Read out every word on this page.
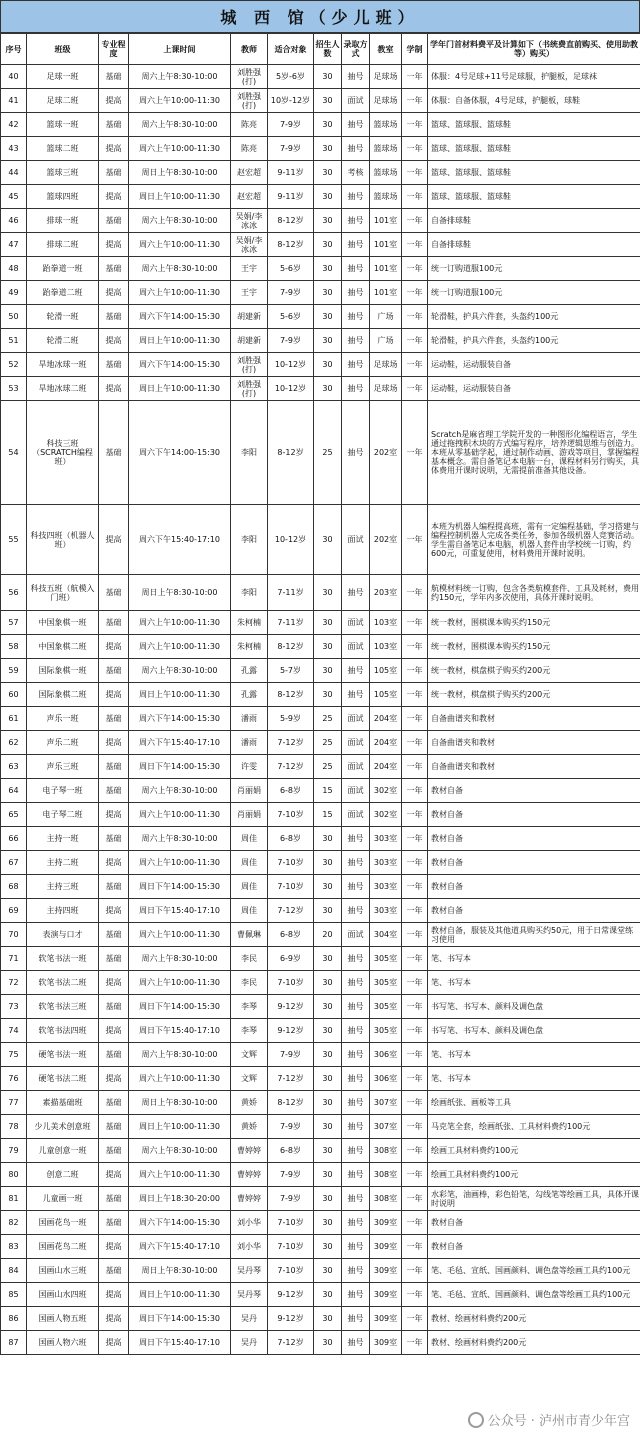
城 西 馆（少儿班）
序号	班级	专业程度	上课时间	教师	适合对象	招生人数	录取方式	教室	学制	学年门首材料费平及计算如下（书统费直前购买、使用助教等）购买）
40	足球一班	基础	周六上午8:30-10:00	刘胜强(打)	5岁-6岁	30	抽号	足球场	一年	体服：4号足球+11号足球服，护腿板，足球袜
41	足球二班	提高	周六上午10:00-11:30	刘胜强(打)	10岁-12岁	30	面试	足球场	一年	体服：自备体服，4号足球，护腿板，球鞋
42	篮球一班	基础	周六上午8:30-10:00	陈亮	7-9岁	30	抽号	篮球场	一年	篮球、篮球服、篮球鞋
43	篮球二班	提高	周六上午10:00-11:30	陈亮	7-9岁	30	抽号	篮球场	一年	篮球、篮球服、篮球鞋
44	篮球三班	基础	周日上午8:30-10:00	赵宏超	9-11岁	30	考核	篮球场	一年	篮球、篮球服、篮球鞋
45	篮球四班	提高	周日上午10:00-11:30	赵宏超	9-11岁	30	抽号	篮球场	一年	篮球、篮球服、篮球鞋
46	排球一班	基础	周六上午8:30-10:00	吴娟/李冰冰	8-12岁	30	抽号	101室	一年	自备排球鞋
47	排球二班	提高	周六上午10:00-11:30	吴娟/李冰冰	8-12岁	30	抽号	101室	一年	自备排球鞋
48	跆拳道一班	基础	周六上午8:30-10:00	王宇	5-6岁	30	抽号	101室	一年	统一订购道服100元
49	跆拳道二班	提高	周六上午10:00-11:30	王宇	7-9岁	30	抽号	101室	一年	统一订购道服100元
50	轮滑一班	基础	周六下午14:00-15:30	胡建新	5-6岁	30	抽号	广场	一年	轮滑鞋，护具六件套，头盔约100元
51	轮滑二班	提高	周日上午10:00-11:30	胡建新	7-9岁	30	抽号	广场	一年	轮滑鞋，护具六件套，头盔约100元
52	旱地冰球一班	基础	周六下午14:00-15:30	刘胜强(打)	10-12岁	30	抽号	足球场	一年	运动鞋，运动服装自备
53	旱地冰球二班	提高	周日上午10:00-11:30	刘胜强(打)	10-12岁	30	抽号	足球场	一年	运动鞋，运动服装自备
54	科技三班（SCRATCH编程班）	基础	周六下午14:00-15:30	李阳	8-12岁	25	抽号	202室	一年	Scratch是麻省理工学院开发的一种图形化编程语言，学生通过拖拽积木块的方式编写程序，培养逻辑思维与创造力。本班从零基础学起，通过制作动画、游戏等项目，掌握编程基本概念。需自备笔记本电脑一台，课程材料另行购买，具体费用开课时说明，无需提前准备其他设备。
55	科技四班（机器人班）	提高	周六下午15:40-17:10	李阳	10-12岁	30	面试	202室	一年	本班为机器人编程提高班，需有一定编程基础，学习搭建与编程控制机器人完成各类任务，参加各级机器人竞赛活动。学生需自备笔记本电脑，机器人套件由学校统一订购，约600元，可重复使用，材料费用开课时说明。
56	科技五班（航模入门班）	基础	周日上午8:30-10:00	李阳	7-11岁	30	抽号	203室	一年	航模材料统一订购，包含各类航模套件、工具及耗材，费用约150元，学年内多次使用，具体开课时说明。
57	中国象棋一班	基础	周六上午10:00-11:30	朱柯楠	7-11岁	30	面试	103室	一年	统一教材，围棋课本购买约150元
58	中国象棋二班	提高	周六上午10:00-11:30	朱柯楠	8-12岁	30	面试	103室	一年	统一教材，围棋课本购买约150元
59	国际象棋一班	基础	周六上午8:30-10:00	孔露	5-7岁	30	抽号	105室	一年	统一教材，棋盘棋子购买约200元
60	国际象棋二班	提高	周日上午10:00-11:30	孔露	8-12岁	30	抽号	105室	一年	统一教材，棋盘棋子购买约200元
61	声乐一班	基础	周六下午14:00-15:30	潘雨	5-9岁	25	面试	204室	一年	自备曲谱夹和教材
62	声乐二班	提高	周六下午15:40-17:10	潘雨	7-12岁	25	面试	204室	一年	自备曲谱夹和教材
63	声乐三班	基础	周日下午14:00-15:30	许雯	7-12岁	25	面试	204室	一年	自备曲谱夹和教材
64	电子琴一班	基础	周六上午8:30-10:00	肖丽娟	6-8岁	15	面试	302室	一年	教材自备
65	电子琴二班	提高	周六上午10:00-11:30	肖丽娟	7-10岁	15	面试	302室	一年	教材自备
66	主持一班	基础	周六上午8:30-10:00	周佳	6-8岁	30	抽号	303室	一年	教材自备
67	主持二班	提高	周六上午10:00-11:30	周佳	7-10岁	30	抽号	303室	一年	教材自备
68	主持三班	基础	周日下午14:00-15:30	周佳	7-10岁	30	抽号	303室	一年	教材自备
69	主持四班	提高	周日下午15:40-17:10	周佳	7-12岁	30	抽号	303室	一年	教材自备
70	表演与口才	基础	周六上午10:00-11:30	曹佩琳	6-8岁	20	面试	304室	一年	教材自备，服装及其他道具购买约50元，用于日常课堂练习使用
71	软笔书法一班	基础	周六上午8:30-10:00	李民	6-9岁	30	抽号	305室	一年	笔、书写本
72	软笔书法二班	提高	周六上午10:00-11:30	李民	7-10岁	30	抽号	305室	一年	笔、书写本
73	软笔书法三班	基础	周日下午14:00-15:30	李琴	9-12岁	30	抽号	305室	一年	书写笔、书写本、颜料及调色盘
74	软笔书法四班	提高	周日下午15:40-17:10	李琴	9-12岁	30	抽号	305室	一年	书写笔、书写本、颜料及调色盘
75	硬笔书法一班	基础	周六上午8:30-10:00	文辉	7-9岁	30	抽号	306室	一年	笔、书写本
76	硬笔书法二班	提高	周六上午10:00-11:30	文辉	7-12岁	30	抽号	306室	一年	笔、书写本
77	素描基础班	基础	周日上午8:30-10:00	黄娇	8-12岁	30	抽号	307室	一年	绘画纸张、画板等工具
78	少儿美术创意班	基础	周日上午10:00-11:30	黄娇	7-9岁	30	抽号	307室	一年	马克笔全套，绘画纸张、工具材料费约100元
79	儿童创意一班	基础	周六上午8:30-10:00	曹婷婷	6-8岁	30	抽号	308室	一年	绘画工具材料费约100元
80	创意二班	提高	周六上午10:00-11:30	曹婷婷	7-9岁	30	抽号	308室	一年	绘画工具材料费约100元
81	儿童画一班	基础	周日上午18:30-20:00	曹婷婷	7-9岁	30	抽号	308室	一年	水彩笔，油画棒，彩色铅笔，勾线笔等绘画工具，具体开课时说明
82	国画花鸟一班	基础	周六下午14:00-15:30	刘小华	7-10岁	30	抽号	309室	一年	教材自备
83	国画花鸟二班	提高	周六下午15:40-17:10	刘小华	7-10岁	30	抽号	309室	一年	教材自备
84	国画山水三班	基础	周日上午8:30-10:00	吴丹琴	7-10岁	30	抽号	309室	一年	笔、毛毡、宣纸、国画颜料、调色盘等绘画工具约100元
85	国画山水四班	提高	周日上午10:00-11:30	吴丹琴	9-12岁	30	抽号	309室	一年	笔、毛毡、宣纸、国画颜料、调色盘等绘画工具约100元
86	国画人物五班	提高	周日下午14:00-15:30	吴丹	9-12岁	30	抽号	309室	一年	教材、绘画材料费约200元
87	国画人物六班	提高	周日下午15:40-17:10	吴丹	7-12岁	30	抽号	309室	一年	教材、绘画材料费约200元
公众号 · 泸州市青少年宫
